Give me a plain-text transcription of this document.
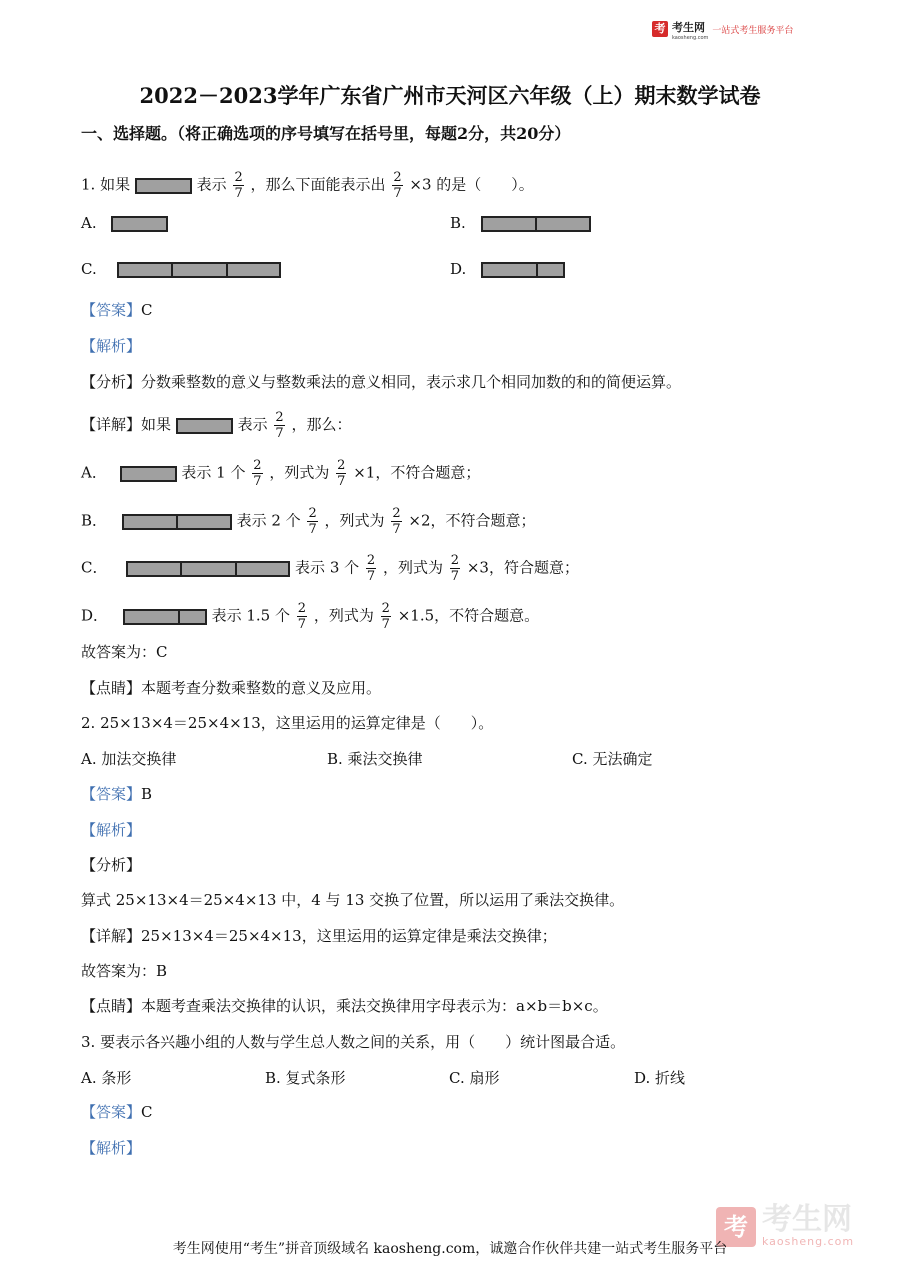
考 考生网
kaosheng.com
一站式考生服务平台
2022－2023学年广东省广州市天河区六年级（上）期末数学试卷
一、选择题。（将正确选项的序号填写在括号里，每题2分，共20分）
1. 如果	表示 $\frac{2}{7}$ ，那么下面能表示出 $\frac{2}{7} \times 3$ 的是（　　）。
A.	B.
C.	D.
【答案】C
【解析】
【分析】分数乘整数的意义与整数乘法的意义相同，表示求几个相同加数的和的简便运算。
【详解】如果	表示 $\frac{2}{7}$ ，那么：
A．	表示 1 个 $\frac{2}{7}$ ，列式为 $\frac{2}{7} \times 1$，不符合题意；
B．	表示 2 个 $\frac{2}{7}$ ，列式为 $\frac{2}{7} \times 2$，不符合题意；
C．	表示 3 个 $\frac{2}{7}$ ，列式为 $\frac{2}{7} \times 3$，符合题意；
D．	表示 1.5 个 $\frac{2}{7}$ ，列式为 $\frac{2}{7} \times 1.5$，不符合题意。
故答案为：C
【点睛】本题考查分数乘整数的意义及应用。
2. 25×13×4＝25×4×13，这里运用的运算定律是（　　）。
A. 加法交换律	B. 乘法交换律	C. 无法确定
【答案】B
【解析】
【分析】
算式 25×13×4＝25×4×13 中，4 与 13 交换了位置，所以运用了乘法交换律。
【详解】25×13×4＝25×4×13，这里运用的运算定律是乘法交换律；
故答案为：B
【点睛】本题考查乘法交换律的认识，乘法交换律用字母表示为：a×b＝b×c。
3. 要表示各兴趣小组的人数与学生总人数之间的关系，用（　　）统计图最合适。
A. 条形	B. 复式条形	C. 扇形	D. 折线
【答案】C
【解析】
考 考生网
kaosheng.com
考生网使用“考生”拼音顶级域名 kaosheng.com，诚邀合作伙伴共建一站式考生服务平台
